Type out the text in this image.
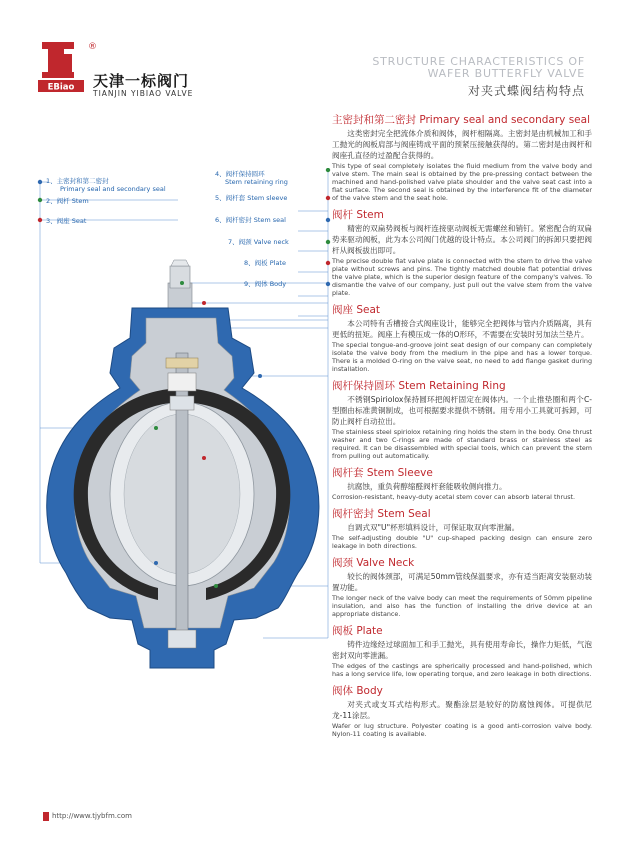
EBiao
®
天津一标阀门
TIANJIN YIBIAO VALVE
STRUCTURE CHARACTERISTICS OF
WAFER BUTTERFLY VALVE
对夹式蝶阀结构特点
1、主密封和第二密封
Primary seal and secondary seal
2、阀杆 Stem
3、阀座 Seat
4、阀杆保持圆环
Stem retaining ring
5、阀杆套 Stem sleeve
6、阀杆密封 Stem seal
7、阀颈 Valve neck
8、阀板 Plate
9、阀体 Body
主密封和第二密封 Primary seal and secondary seal
这类密封完全把流体介质和阀体，阀杆相隔离。主密封是由机械加工和手工抛光的阀板肩部与阀座铸成平面的预紧压接触获得的。第二密封是由阀杆和阀座孔直径的过盈配合获得的。
This type of seal completely isolates the fluid medium from the valve body and valve stem. The main seal is obtained by the pre-pressing contact between the machined and hand-polished valve plate shoulder and the valve seat cast into a flat surface. The second seal is obtained by the interference fit of the diameter of the valve stem and the seat hole.
阀杆 Stem
精密的双扁势阀板与阀杆连接驱动阀板无需螺丝和销钉。紧密配合的双扁势来驱动阀板，此为本公司阀门优越的设计特点。本公司阀门的拆卸只要把阀杆从阀板拔出即可。
The precise double flat valve plate is connected with the stem to drive the valve plate without screws and pins. The tightly matched double flat potential drives the valve plate, which is the superior design feature of the company's valves. To dismantle the valve of our company, just pull out the valve stem from the valve plate.
阀座 Seat
本公司特有舌槽接合式阀座设计，能够完全把阀体与管内介质隔离，具有更低的扭矩。阀座上有模压成一体的O形环，不需要在安装时另加法兰垫片。
The special tongue-and-groove joint seat design of our company can completely isolate the valve body from the medium in the pipe and has a lower torque. There is a molded O-ring on the valve seat, no need to add flange gasket during installation.
阀杆保持圆环 Stem Retaining Ring
不锈钢Spiriolox保持圆环把阀杆固定在阀体内。一个止推垫圈和两个C-型圈由标准黄铜制成，也可根据要求提供不锈钢。用专用小工具就可拆卸，可防止阀杆自动拉出。
The stainless steel spiriolox retaining ring holds the stem in the body. One thrust washer and two C-rings are made of standard brass or stainless steel as required. It can be disassembled with special tools, which can prevent the stem from pulling out automatically.
阀杆套 Stem Sleeve
抗腐蚀，重负荷醇缩醛阀杆套能吸收侧向推力。
Corrosion-resistant, heavy-duty acetal stem cover can absorb lateral thrust.
阀杆密封 Stem Seal
自调式双"U"杯形填料设计，可保证取双向零泄漏。
The self-adjusting double "U" cup-shaped packing design can ensure zero leakage in both directions.
阀颈 Valve Neck
较长的阀体颈部，可满足50mm管线保温要求，亦有适当距离安装驱动装置功能。
The longer neck of the valve body can meet the requirements of 50mm pipeline insulation, and also has the function of installing the drive device at an appropriate distance.
阀板 Plate
铸件边缘经过球面加工和手工抛光，具有使用寿命长，操作力矩低，气泡密封双向零泄漏。
The edges of the castings are spherically processed and hand-polished, which has a long service life, low operating torque, and zero leakage in both directions.
阀体 Body
对夹式或支耳式结构形式。聚酯涂层是较好的防腐蚀阀体。可提供尼龙-11涂层。
Wafer or lug structure. Polyester coating is a good anti-corrosion valve body. Nylon-11 coating is available.
http://www.tjybfm.com
